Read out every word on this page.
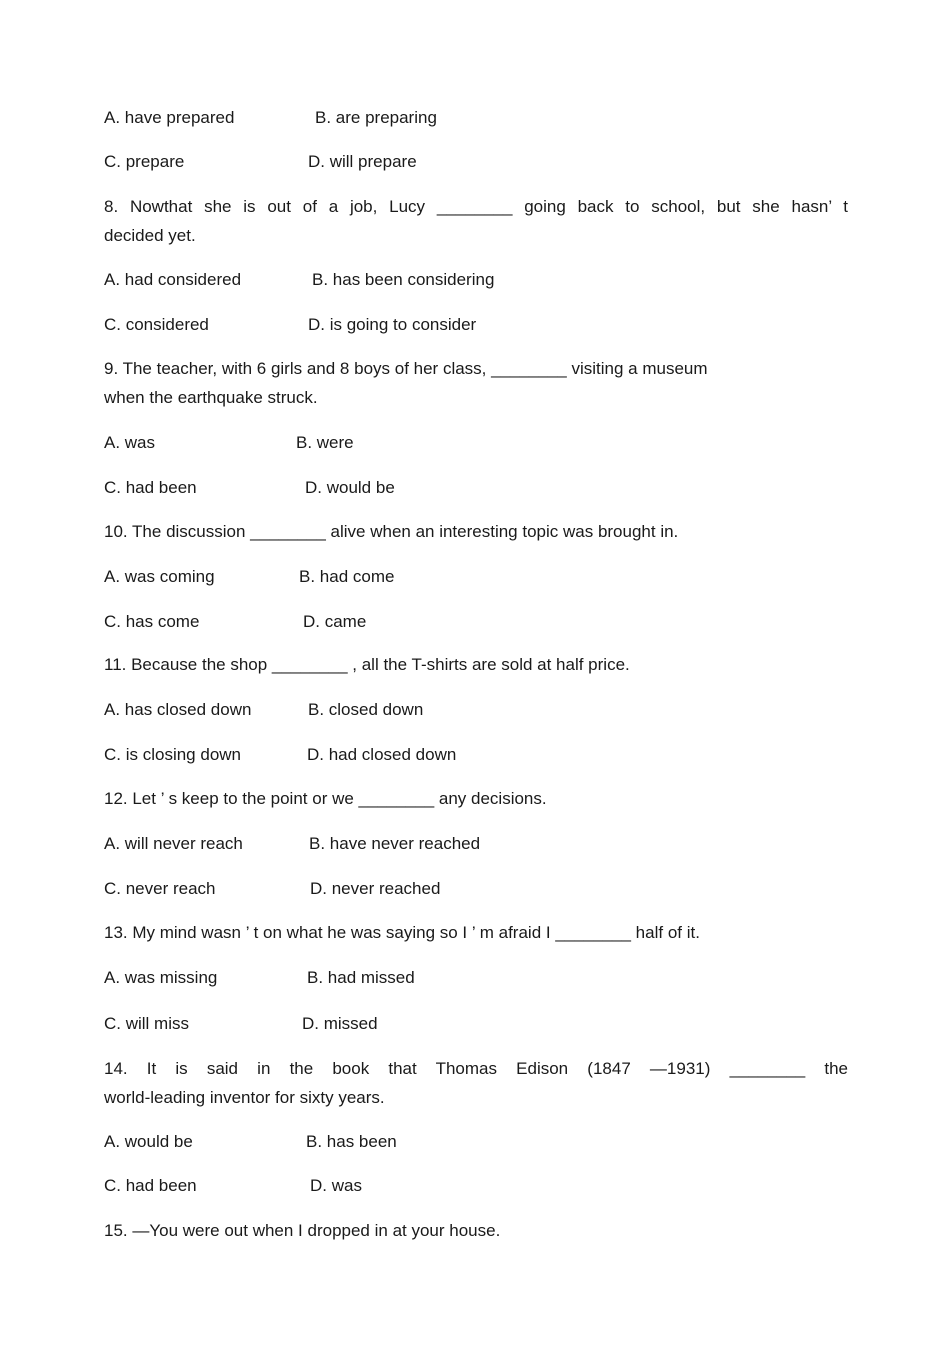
A. have prepared	B. are preparing
C. prepare	D. will prepare
8. Nowthat she is out of a job, Lucy ________ going back to school, but she hasn’ t
decided yet.
A. had considered	B. has been considering
C. considered	D. is going to consider
9. The teacher, with 6 girls and 8 boys of her class, ________ visiting a museum
when the earthquake struck.
A. was	B. were
C. had been	D. would be
10. The discussion ________ alive when an interesting topic was brought in.
A. was coming	B. had come
C. has come	D. came
11. Because the shop ________ , all the T-shirts are sold at half price.
A. has closed down	B. closed down
C. is closing down	D. had closed down
12. Let ’ s keep to the point or we ________ any decisions.
A. will never reach	B. have never reached
C. never reach	D. never reached
13. My mind wasn ’ t on what he was saying so I ’ m afraid I ________ half of it.
A. was missing	B. had missed
C. will miss	D. missed
14. It is said in the book that Thomas Edison (1847 —1931) ________ the
world-leading inventor for sixty years.
A. would be	B. has been
C. had been	D. was
15. —You were out when I dropped in at your house.
